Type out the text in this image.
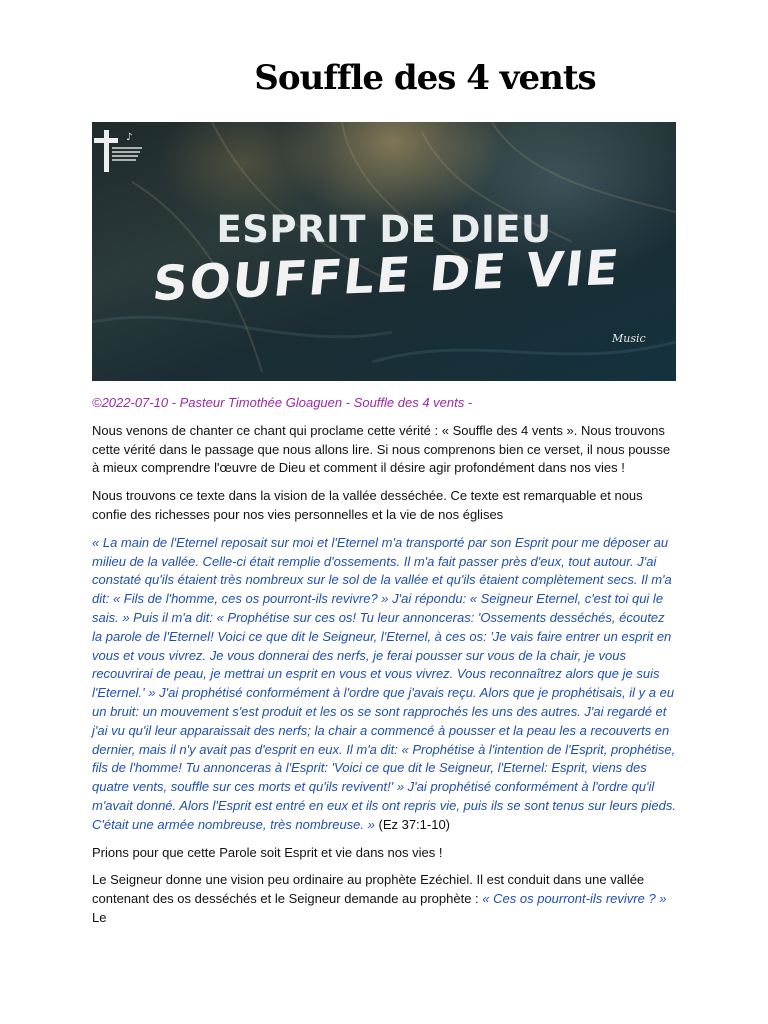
Souffle des 4 vents
ESPRIT DE DIEU
SOUFFLE DE VIE
♪
Music
©2022-07-10 - Pasteur Timothée Gloaguen - Souffle des 4 vents -

Nous venons de chanter ce chant qui proclame cette vérité : « Souffle des 4 vents ». Nous trouvons cette vérité dans le passage que nous allons lire. Si nous comprenons bien ce verset, il nous pousse à mieux comprendre l'œuvre de Dieu et comment il désire agir profondément dans nos vies !

Nous trouvons ce texte dans la vision de la vallée desséchée. Ce texte est remarquable et nous confie des richesses pour nos vies personnelles et la vie de nos églises

« La main de l'Eternel reposait sur moi et l'Eternel m'a transporté par son Esprit pour me déposer au milieu de la vallée. Celle-ci était remplie d'ossements. Il m'a fait passer près d'eux, tout autour. J'ai constaté qu'ils étaient très nombreux sur le sol de la vallée et qu'ils étaient complètement secs. Il m'a dit: « Fils de l'homme, ces os pourront-ils revivre? » J'ai répondu: « Seigneur Eternel, c'est toi qui le sais. » Puis il m'a dit: « Prophétise sur ces os! Tu leur annonceras: 'Ossements desséchés, écoutez la parole de l'Eternel! Voici ce que dit le Seigneur, l'Eternel, à ces os: 'Je vais faire entrer un esprit en vous et vous vivrez. Je vous donnerai des nerfs, je ferai pousser sur vous de la chair, je vous recouvrirai de peau, je mettrai un esprit en vous et vous vivrez. Vous reconnaîtrez alors que je suis l'Eternel.' » J'ai prophétisé conformément à l'ordre que j'avais reçu. Alors que je prophétisais, il y a eu un bruit: un mouvement s'est produit et les os se sont rapprochés les uns des autres. J'ai regardé et j'ai vu qu'il leur apparaissait des nerfs; la chair a commencé à pousser et la peau les a recouverts en dernier, mais il n'y avait pas d'esprit en eux. Il m'a dit: « Prophétise à l'intention de l'Esprit, prophétise, fils de l'homme! Tu annonceras à l'Esprit: 'Voici ce que dit le Seigneur, l'Eternel: Esprit, viens des quatre vents, souffle sur ces morts et qu'ils revivent!' » J'ai prophétisé conformément à l'ordre qu'il m'avait donné. Alors l'Esprit est entré en eux et ils ont repris vie, puis ils se sont tenus sur leurs pieds. C'était une armée nombreuse, très nombreuse. » (Ez 37:1-10)

Prions pour que cette Parole soit Esprit et vie dans nos vies !

Le Seigneur donne une vision peu ordinaire au prophète Ezéchiel. Il est conduit dans une vallée contenant des os desséchés et le Seigneur demande au prophète : « Ces os pourront-ils revivre ? » Le
